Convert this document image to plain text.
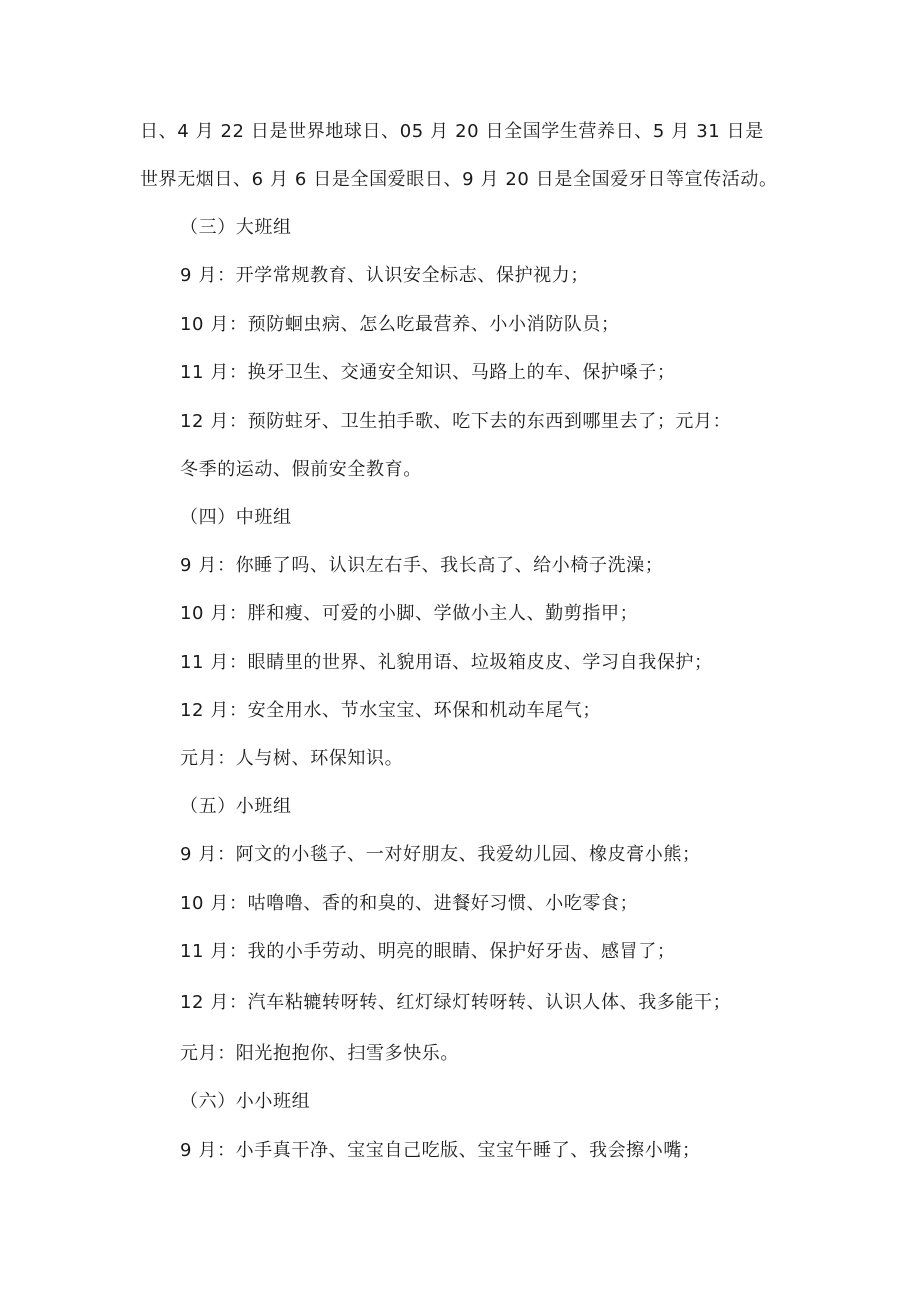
日、4 月 22 日是世界地球日、05 月 20 日全国学生营养日、5 月 31 日是
世界无烟日、6 月 6 日是全国爱眼日、9 月 20 日是全国爱牙日等宣传活动。
（三）大班组
9 月：开学常规教育、认识安全标志、保护视力；
10 月：预防蛔虫病、怎么吃最营养、小小消防队员；
11 月：换牙卫生、交通安全知识、马路上的车、保护嗓子；
12 月：预防蛀牙、卫生拍手歌、吃下去的东西到哪里去了；元月：
冬季的运动、假前安全教育。
（四）中班组
9 月：你睡了吗、认识左右手、我长高了、给小椅子洗澡；
10 月：胖和瘦、可爱的小脚、学做小主人、勤剪指甲；
11 月：眼睛里的世界、礼貌用语、垃圾箱皮皮、学习自我保护；
12 月：安全用水、节水宝宝、环保和机动车尾气；
元月：人与树、环保知识。
（五）小班组
9 月：阿文的小毯子、一对好朋友、我爱幼儿园、橡皮膏小熊；
10 月：咕噜噜、香的和臭的、进餐好习惯、小吃零食；
11 月：我的小手劳动、明亮的眼睛、保护好牙齿、感冒了；
12 月：汽车粘辘转呀转、红灯绿灯转呀转、认识人体、我多能干；
元月：阳光抱抱你、扫雪多快乐。
（六）小小班组
9 月：小手真干净、宝宝自己吃版、宝宝午睡了、我会擦小嘴；
